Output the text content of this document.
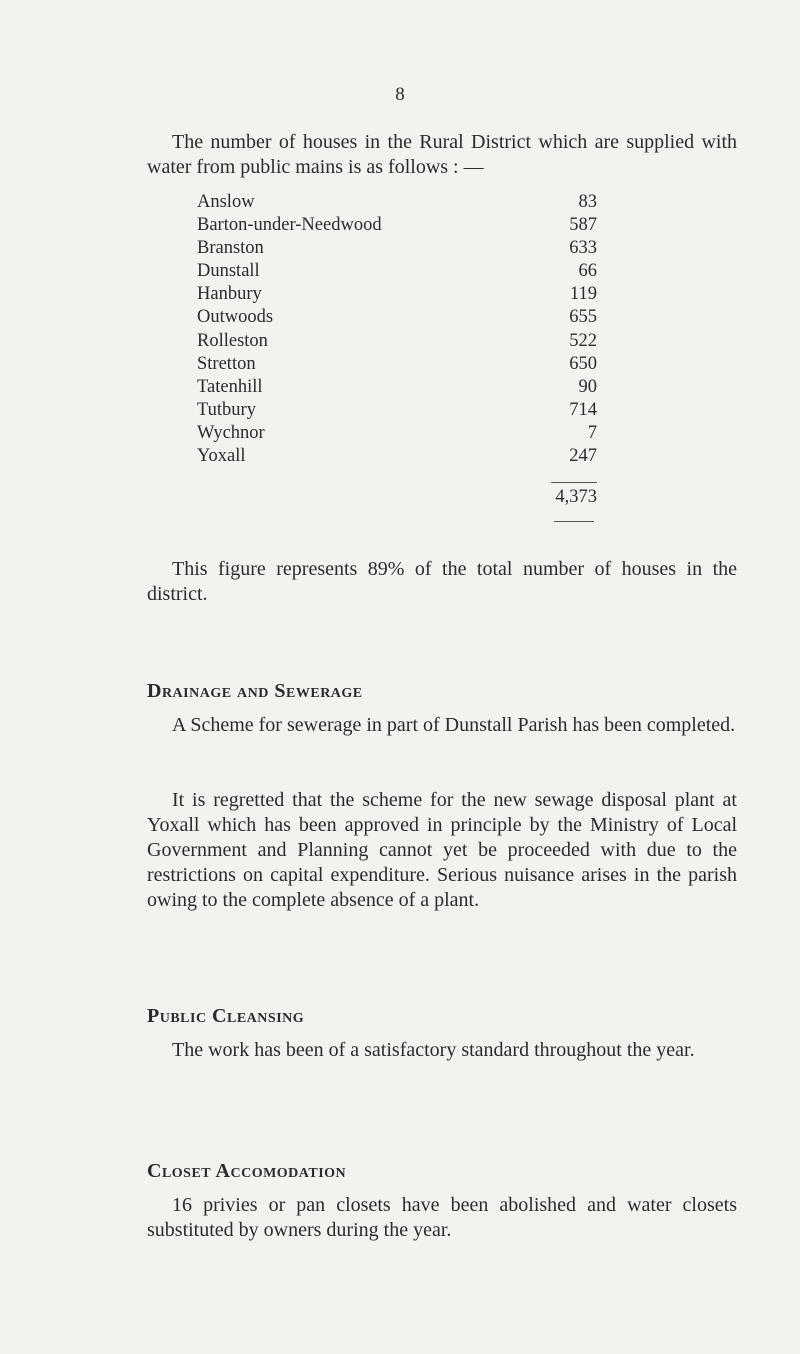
8

The number of houses in the Rural District which are supplied with water from public mains is as follows : —

Anslow	83
Barton-under-Needwood	587
Branston	633
Dunstall	66
Hanbury	119
Outwoods	655
Rolleston	522
Stretton	650
Tatenhill	90
Tutbury	714
Wychnor	7
Yoxall	247
4,373

This figure represents 89% of the total number of houses in the district.

Drainage and Sewerage

A Scheme for sewerage in part of Dunstall Parish has been completed.

It is regretted that the scheme for the new sewage disposal plant at Yoxall which has been approved in principle by the Ministry of Local Government and Planning cannot yet be proceeded with due to the restrictions on capital expenditure. Serious nuisance arises in the parish owing to the complete absence of a plant.

Public Cleansing

The work has been of a satisfactory standard throughout the year.

Closet Accomodation

16 privies or pan closets have been abolished and water closets substituted by owners during the year.
